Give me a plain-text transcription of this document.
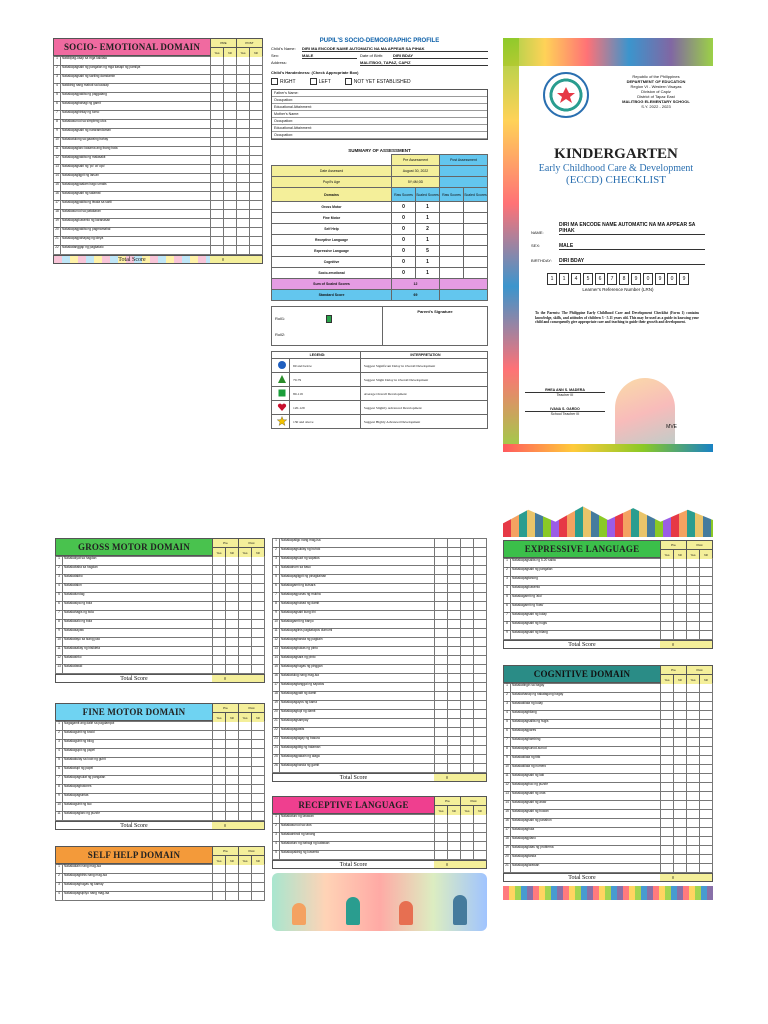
SOCIO- EMOTIONAL DOMAIN	PRE	POST
Yes	Nil	Yes	Nil
1	Nakikipag-usap sa mga kakilala				
2	Nakakapagsabi ng pangalan ng mga kasapi ng pamilya				
3	Nakakapagsabi ng sariling damdamin				
4	Nakikinig nang mabuti sa kausap				
5	Nakakapagpakita ng paggalang				
6	Nakakapagbahagi ng gamit				
7	Nakakapaghintay ng turno				
8	Nakakasunod sa simpleng utos				
9	Nakakapagsabi ng nararamdaman				
10	Nakakatulong sa gawaing bahay				
11	Nakakapaglaro kasama ang ibang bata				
12	Nakakapagpakita ng malasakit				
13	Nakakapagsabi ng 'po' at 'opo'				
14	Nakakapagligpit ng laruan				
15	Nakakapagpaalam bago umalis				
16	Nakakapagsabi ng salamat				
17	Nakakapagpakita ng tiwala sa sarili				
18	Nakakasunod sa patakaran				
19	Nakakapagkuwento ng karanasan				
20	Nakakapagpakita ng pagmamahal				
21	Nakakapagpahayag ng ideya				
22	Nakakatanggap ng pagkatalo				
Total Score	0
PUPIL'S SOCIO-DEMOGRAPHIC PROFILE
Child's Name:	DIRI MA ENCODE NAME AUTOMATIC NA MA APPEAR SA PIHAK
Sex:	MALE	Date of Birth:	DIRI BDAY
Address:	MALITBOG, TAPAZ, CAPIZ
Child's Handedness: (Check Appropriate Box)
RIGHT	LEFT	NOT YET ESTABLISHED
Father's Name:
Occupation:
Educational Attainment:
Mother's Name:
Occupation:
Educational Attainment:
Occupation:
SUMMARY OF ASSESSMENT
	Pre Assessment		Post Assessment	
Date Assessed	August 30, 2022			
Pupil's Age	5Y;4M;0D			
Domains	Raw Scores	Scaled Scores	Raw Scores	Scaled Scores
Gross Motor	0	1		
Fine Motor	0	1		
Self Help	0	2		
Receptive Language	0	1		
Expressive Language	0	5		
Cognitive	0	1		
Socio-emotional	0	1		
Sum of Scaled Scores	12			
Standard Score	69			
Roll1:
Roll2:
Parent's Signature
LEGEND:		INTERPRETATION
	69 and below	Suggest Significant Delay in Overall Development
	70-79	Suggest Slight Delay in Overall Development
	80-119	Average Overall Development
	120-129	Suggest Slightly Advanced Development
	130 and above	Suggest Highly Advanced Development
Republic of the Philippines
DEPARTMENT OF EDUCATION
Region VI - Western Visayas
Division of Capiz
District of Tapaz East
MALITBOG ELEMENTARY SCHOOL
S.Y. 2022 - 2023
KINDERGARTEN
Early Childhood Care & Development
(ECCD) CHECKLIST
NAME:
DIRI MA ENCODE NAME AUTOMATIC NA MA APPEAR SA PIHAK
SEX:	MALE
BIRTHDAY:	DIRI BDAY
1	1	4	5	6	7	8	9	0	9	0	9
Learner's Reference Number (LRN)
To the Parents: The Philippine Early Childhood Care and Development Checklist (Form 1) contains knowledge, skills, and attitudes of children 3 - 5.11 years old. This may be used as a guide in knowing your child and consequently give appropriate care and teaching to guide their growth and development.
RHEA ANN S. MADERA
Teacher III
IVANA S. GARDO
School Teacher III
MVE
GROSS MOTOR DOMAIN	Pre	Post
Yes	Nil	Yes	Nil
1	Nakakakyat sa hagdan				
2	Nakakababa sa hagdan				
3	Nakakatakbo				
4	Nakakatalon				
5	Nakakalundag				
6	Nakakasipa ng bola				
7	Nakakahagis ng bola				
8	Nakakasalo ng bola				
9	Nakakasayaw				
10	Nakakatayo sa isang paa				
11	Nakakasakay ng bisikleta				
12	Nakakasirko				
13	Nakakatawid				
Total Score	0
FINE MOTOR DOMAIN	Pre	Post
Yes	Nil	Yes	Nil
1	Nagagamit ang daliri sa pagdampot				
2	Nakakaguhit ng tuwid				
3	Nakakaguhit ng bilog				
4	Nakakagupit ng papel				
5	Nakakakulay sa loob ng guhit				
6	Nakakatupi ng papel				
7	Nakakapagsulat ng pangalan				
8	Nakakapagbutones				
9	Nakakapagsintas				
10	Nakakaguhit ng tao				
11	Nakakapaglaro ng puzzle				
Total Score	0
SELF HELP DOMAIN	Pre	Post
Yes	Nil	Yes	Nil
1	Nakakakain nang mag-isa				
2	Nakakapagbihis nang mag-isa				
3	Nakakapaghugas ng kamay				
4	Nakakapagsipilyo nang mag-isa				
1	Nakakapaligo nang mag-isa				
2	Nakakapagsuklay ng buhok				
3	Nakakapagsuot ng sapatos				
4	Nakakainom sa baso				
5	Nakakapagligpit ng pinagkainan				
6	Nakakagamit ng kutsara				
7	Nakakapagpunas ng mukha				
8	Nakakapaghubad ng damit				
9	Nakakapagsabi kung iihi				
10	Nakakagamit ng banyo				
11	Nakakapaglinis pagkatapos dumumi				
12	Nakakapaghanda ng pagkain				
13	Nakakapagbukas ng pinto				
14	Nakakapagsara ng pinto				
15	Nakakapaghugas ng pinggan				
16	Nakakatulog nang mag-isa				
17	Nakakapagtanggal ng sapatos				
18	Nakakapagpalit ng damit				
19	Nakakapagayos ng kama				
20	Nakakapagtupi ng damit				
21	Nakakapagsampay				
22	Nakakapagwalis				
23	Nakakapaglagay ng basura				
24	Nakakapagdilig ng halaman				
25	Nakakapagpakain ng alaga				
26	Nakakapaghanda ng gamit				
Total Score	0
RECEPTIVE LANGUAGE	Pre	Post
Yes	Nil	Yes	Nil
1	Nakakaturo ng larawan				
2	Nakakasunod sa utos				
3	Nakakaintindi ng tanong				
4	Nakakaturo ng bahagi ng katawan				
5	Nakakapakinig ng kuwento				
Total Score	0
EXPRESSIVE LANGUAGE	Pre	Post
Yes	Nil	Yes	Nil
1	Nakakapagsalita ng 5-20 salita				
2	Nakakapagsabi ng pangalan				
3	Nakakapagtanong				
4	Nakakapagkuwento				
5	Nakakagamit ng 'ako'				
6	Nakakagamit ng 'ikaw'				
7	Nakakapagsabi ng kulay				
8	Nakakapagsabi ng hugis				
9	Nakakapagsabi ng bilang				
Total Score	0
COGNITIVE DOMAIN	Pre	Post
Yes	Nil	Yes	Nil
1	Nakakatingin sa bagay				
2	Nakakahanap ng nakatagong bagay				
3	Nakakakilala ng kulay				
4	Nakakapagbilang				
5	Nakakapagsalita ng hugis				
6	Nakakapagpares				
7	Nakakapaghambing				
8	Nakakapagsunod-sunod				
9	Nakakakilala ng titik				
10	Nakakakilala ng numero				
11	Nakakapagsabi ng laki				
12	Nakakapagbuo ng puzzle				
13	Nakakapagsabi ng oras				
14	Nakakapagsabi ng araw				
15	Nakakapagsabi ng buwan				
16	Nakakapagsabi ng panahon				
17	Nakakapaghula				
18	Nakakapagplano				
19	Nakakapaglutas ng problema				
20	Nakakapagtanda				
21	Nakakapaglarawan				
Total Score	0
